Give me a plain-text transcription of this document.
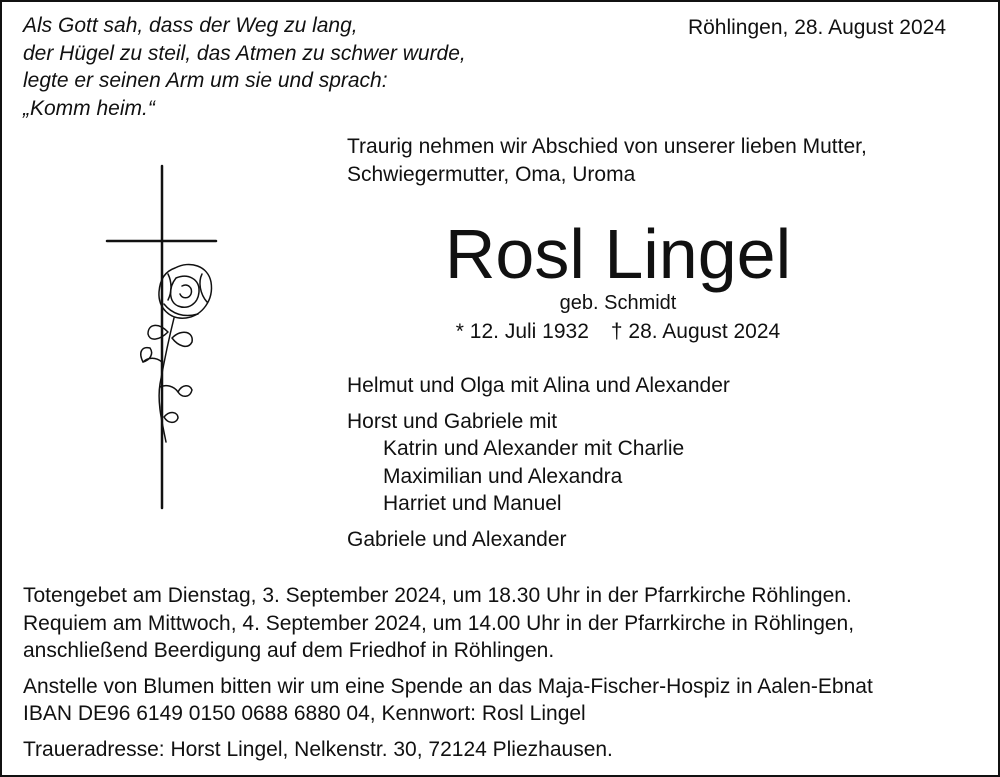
Als Gott sah, dass der Weg zu lang,
der Hügel zu steil, das Atmen zu schwer wurde,
legte er seinen Arm um sie und sprach:
„Komm heim.“
Röhlingen, 28. August 2024
Traurig nehmen wir Abschied von unserer lieben Mutter,
Schwiegermutter, Oma, Uroma
Rosl Lingel
geb. Schmidt
* 12. Juli 1932 † 28. August 2024
Helmut und Olga mit Alina und Alexander
Horst und Gabriele mit
Katrin und Alexander mit Charlie
Maximilian und Alexandra
Harriet und Manuel
Gabriele und Alexander
Totengebet am Dienstag, 3. September 2024, um 18.30 Uhr in der Pfarrkirche Röhlingen.
Requiem am Mittwoch, 4. September 2024, um 14.00 Uhr in der Pfarrkirche in Röhlingen,
anschließend Beerdigung auf dem Friedhof in Röhlingen.
Anstelle von Blumen bitten wir um eine Spende an das Maja-Fischer-Hospiz in Aalen-Ebnat
IBAN DE96 6149 0150 0688 6880 04, Kennwort: Rosl Lingel
Traueradresse: Horst Lingel, Nelkenstr. 30, 72124 Pliezhausen.
